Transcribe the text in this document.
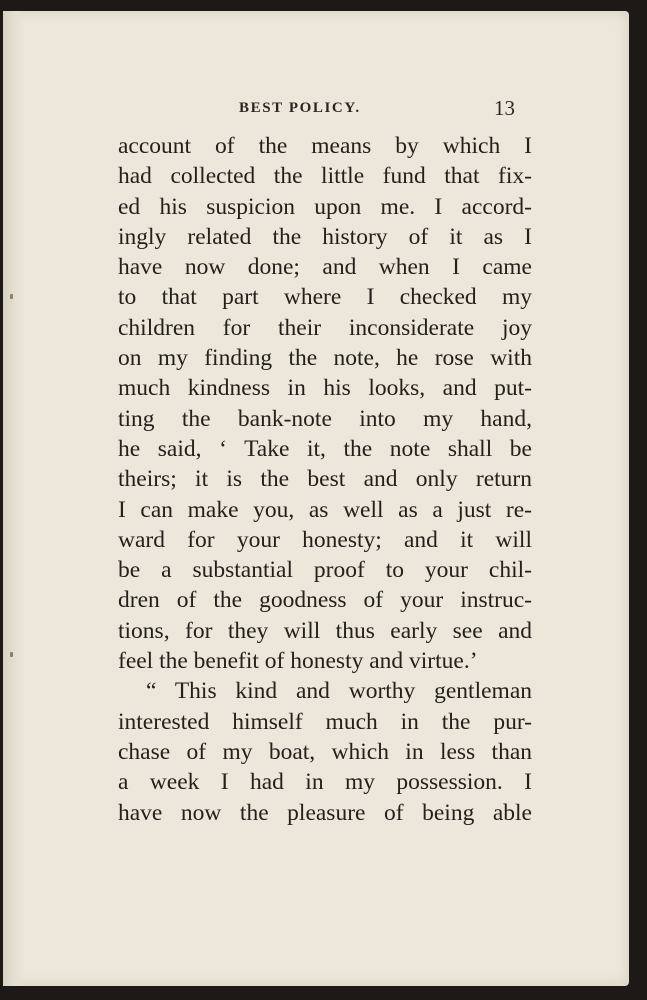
BEST POLICY.	13
account of the means by which I
had collected the little fund that fix-
ed his suspicion upon me. I accord-
ingly related the history of it as I
have now done; and when I came
to that part where I checked my
children for their inconsiderate joy
on my finding the note, he rose with
much kindness in his looks, and put-
ting the bank-note into my hand,
he said, ‘ Take it, the note shall be
theirs; it is the best and only return
I can make you, as well as a just re-
ward for your honesty; and it will
be a substantial proof to your chil-
dren of the goodness of your instruc-
tions, for they will thus early see and
feel the benefit of honesty and virtue.’
“ This kind and worthy gentleman
interested himself much in the pur-
chase of my boat, which in less than
a week I had in my possession. I
have now the pleasure of being able
